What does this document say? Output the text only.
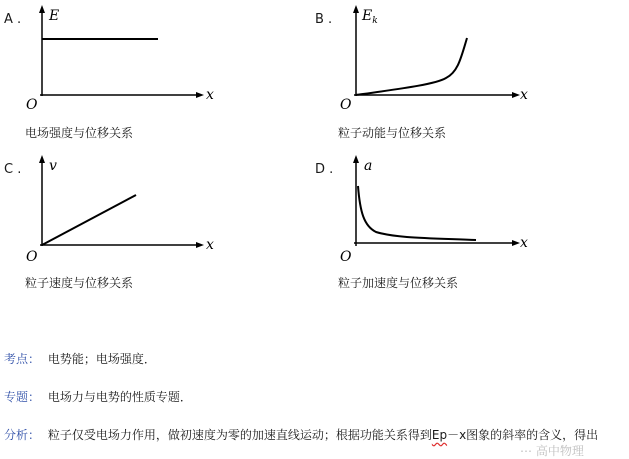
A . E
x
O
电场强度与位移关系
B . $E_k$
x
O
粒子动能与位移关系
C . v
x
O
粒子速度与位移关系
D . a
x
O
粒子加速度与位移关系
考点： 电势能；电场强度．
专题： 电场力与电势的性质专题．
分析： 粒子仅受电场力作用，做初速度为零的加速直线运动；根据功能关系得到Ep－x图象的斜率的含义，得出
⋯ 高中物理
